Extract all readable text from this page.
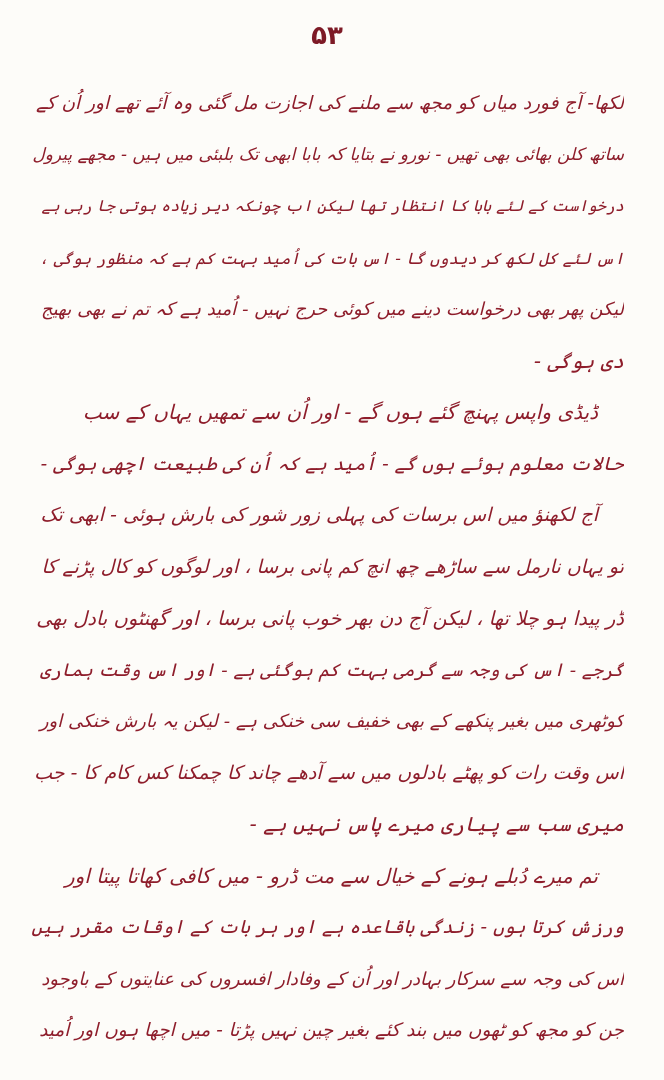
۵۳
لکھا- آج فورد میاں کو مجھ سے ملنے کی اجازت مل گئی وہ آئے تھے اور اُن کے
ساتھ کلن بھائی بھی تھیں - نورو نے بتایا کہ بابا ابھی تک بلبئی میں ہیں - مجھے پیرول
درخواست کے لئے بابا کا انتظار تھا لیکن اب چونکہ دیر زیادہ ہوتی جا رہی ہے
اس لئے کل لکھ کر دیدوں گا - اس بات کی اُمید بہت کم ہے کہ منظور ہوگی ،
لیکن پھر بھی درخواست دینے میں کوئی حرج نہیں - اُمید ہے کہ تم نے بھی بھیج
دی ہوگی -
ڈیڈی واپس پہنچ گئے ہوں گے - اور اُن سے تمھیں یہاں کے سب
حالات معلوم ہوئے ہوں گے - اُمید ہے کہ اُن کی طبیعت اچھی ہوگی -
آج لکھنؤ میں اس برسات کی پہلی زور شور کی بارش ہوئی - ابھی تک
تو یہاں نارمل سے ساڑھے چھ انچ کم پانی برسا ، اور لوگوں کو کال پڑنے کا
ڈر پیدا ہو چلا تھا ، لیکن آج دن بھر خوب پانی برسا ، اور گھنٹوں بادل بھی
گرجے - اس کی وجہ سے گرمی بہت کم ہوگئی ہے - اور اس وقت ہماری
کوٹھری میں بغیر پنکھے کے بھی خفیف سی خنکی ہے - لیکن یہ بارش خنکی اور
اس وقت رات کو پھٹے بادلوں میں سے آدھے چاند کا چمکنا کس کام کا - جب
میری سب سے پیاری میرے پاس نہیں ہے -
تم میرے دُبلے ہونے کے خیال سے مت ڈرو - میں کافی کھاتا پیتا اور
ورزش کرتا ہوں - زندگی باقاعدہ ہے اور ہر بات کے اوقات مقرر ہیں
اس کی وجہ سے سرکار بہادر اور اُن کے وفادار افسروں کی عنایتوں کے باوجود
جن کو مجھ کو ٹھوں میں بند کئے بغیر چین نہیں پڑتا - میں اچھا ہوں اور اُمید
